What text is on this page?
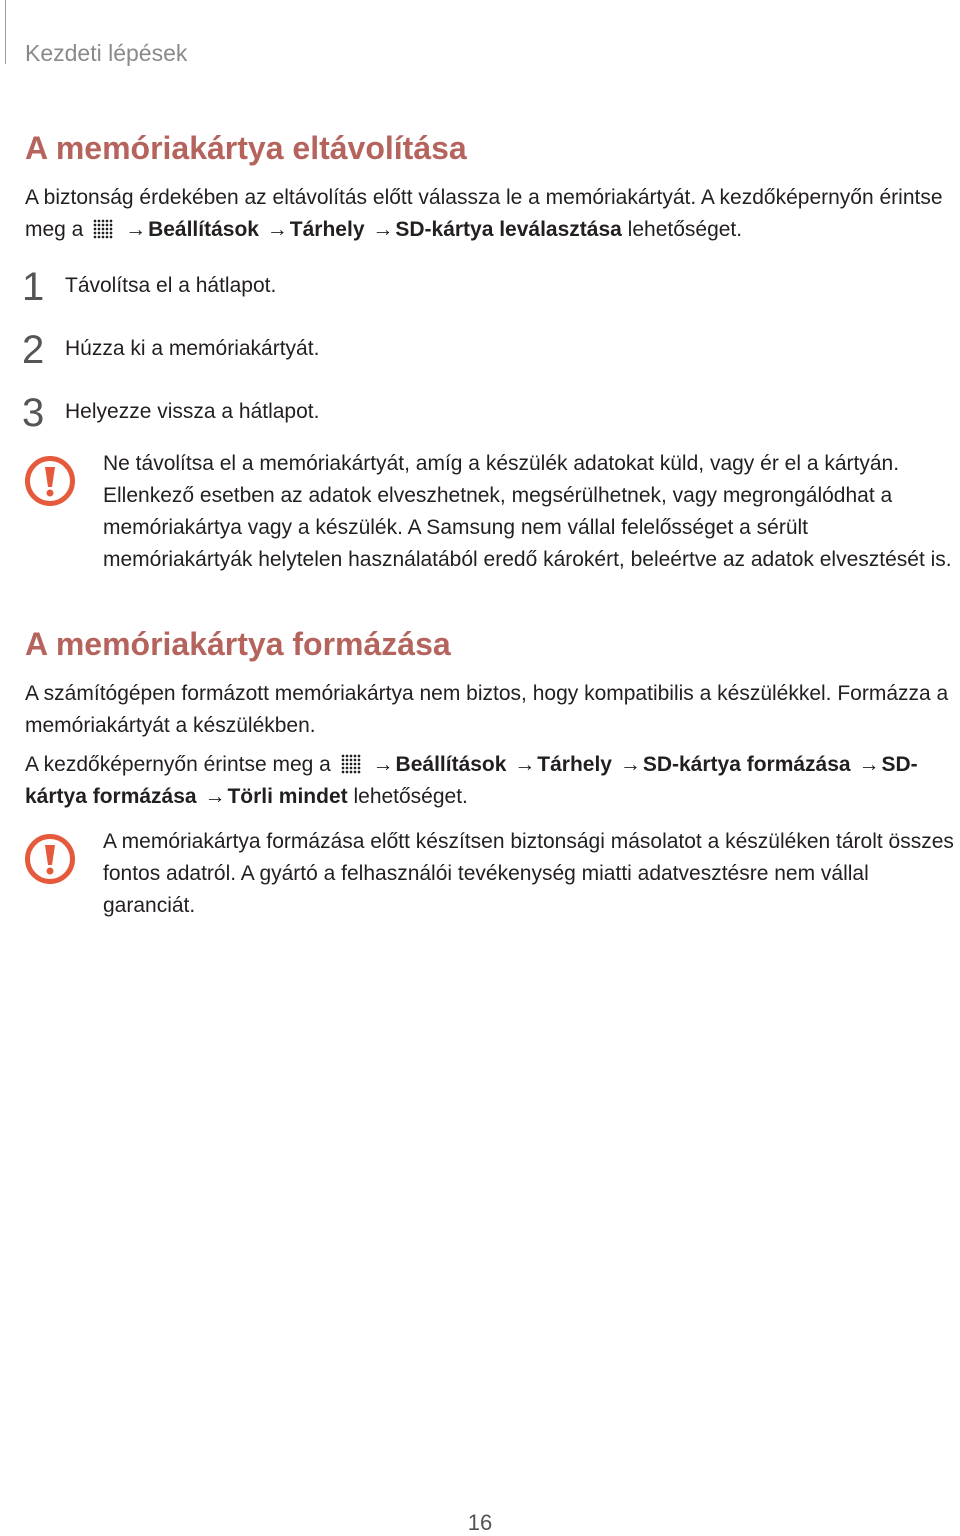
Kezdeti lépések
A memóriakártya eltávolítása
A biztonság érdekében az eltávolítás előtt válassza le a memóriakártyát. A kezdőképernyőn érintse meg a →Beállítások →Tárhely →SD-kártya leválasztása lehetőséget.
1 Távolítsa el a hátlapot.
2 Húzza ki a memóriakártyát.
3 Helyezze vissza a hátlapot.
Ne távolítsa el a memóriakártyát, amíg a készülék adatokat küld, vagy ér el a kártyán. Ellenkező esetben az adatok elveszhetnek, megsérülhetnek, vagy megrongálódhat a memóriakártya vagy a készülék. A Samsung nem vállal felelősséget a sérült memóriakártyák helytelen használatából eredő károkért, beleértve az adatok elvesztését is.
A memóriakártya formázása
A számítógépen formázott memóriakártya nem biztos, hogy kompatibilis a készülékkel. Formázza a memóriakártyát a készülékben.
A kezdőképernyőn érintse meg a →Beállítások →Tárhely →SD-kártya formázása →SD-kártya formázása →Törli mindet lehetőséget.
A memóriakártya formázása előtt készítsen biztonsági másolatot a készüléken tárolt összes fontos adatról. A gyártó a felhasználói tevékenység miatti adatvesztésre nem vállal garanciát.
16
